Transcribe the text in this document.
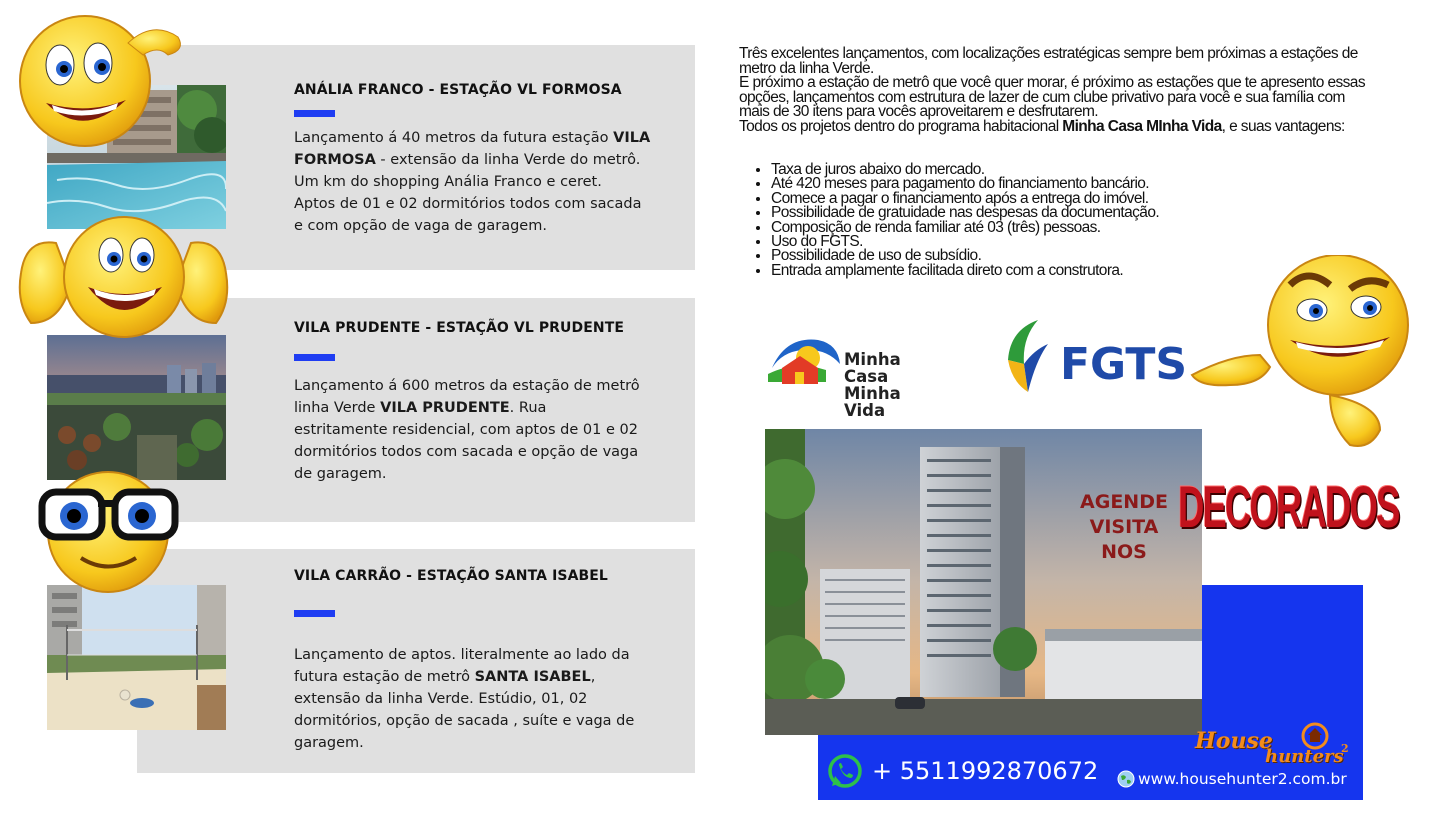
ANÁLIA FRANCO - ESTAÇÃO VL FORMOSA
Lançamento á 40 metros da futura estação VILA FORMOSA - extensão da linha Verde do metrô. Um km do shopping Anália Franco e ceret.
Aptos de 01 e 02 dormitórios todos com sacada e com opção de vaga de garagem.
VILA PRUDENTE - ESTAÇÃO VL PRUDENTE
Lançamento á 600 metros da estação de metrô linha Verde VILA PRUDENTE. Rua estritamente residencial, com aptos de 01 e 02 dormitórios todos com sacada e opção de vaga de garagem.
VILA CARRÃO - ESTAÇÃO SANTA ISABEL
Lançamento de aptos. literalmente ao lado da futura estação de metrô SANTA ISABEL, extensão da linha Verde. Estúdio, 01, 02 dormitórios, opção de sacada , suíte e vaga de garagem.
Três excelentes lançamentos, com localizações estratégicas sempre bem próximas a estações de metro da linha Verde.
E próximo a estação de metrô que você quer morar, é próximo as estações que te apresento essas opções, lançamentos com estrutura de lazer de cum clube privativo para você e sua família com mais de 30 itens para vocês aproveitarem e desfrutarem.
Todos os projetos dentro do programa habitacional Minha Casa MInha Vida, e suas vantagens:
• Taxa de juros abaixo do mercado.
• Até 420 meses para pagamento do financiamento bancário.
• Comece a pagar o financiamento após a entrega do imóvel.
• Possibilidade de gratuidade nas despesas da documentação.
• Composição de renda familiar até 03 (três) pessoas.
• Uso do FGTS.
• Possibilidade de uso de subsídio.
• Entrada amplamente facilitada direto com a construtora.
Minha Casa
Minha Vida
FGTS
AGENDE
VISITA NOS
DECORADOS
House
hunters
2
+ 5511992870672	www.househunter2.com.br
